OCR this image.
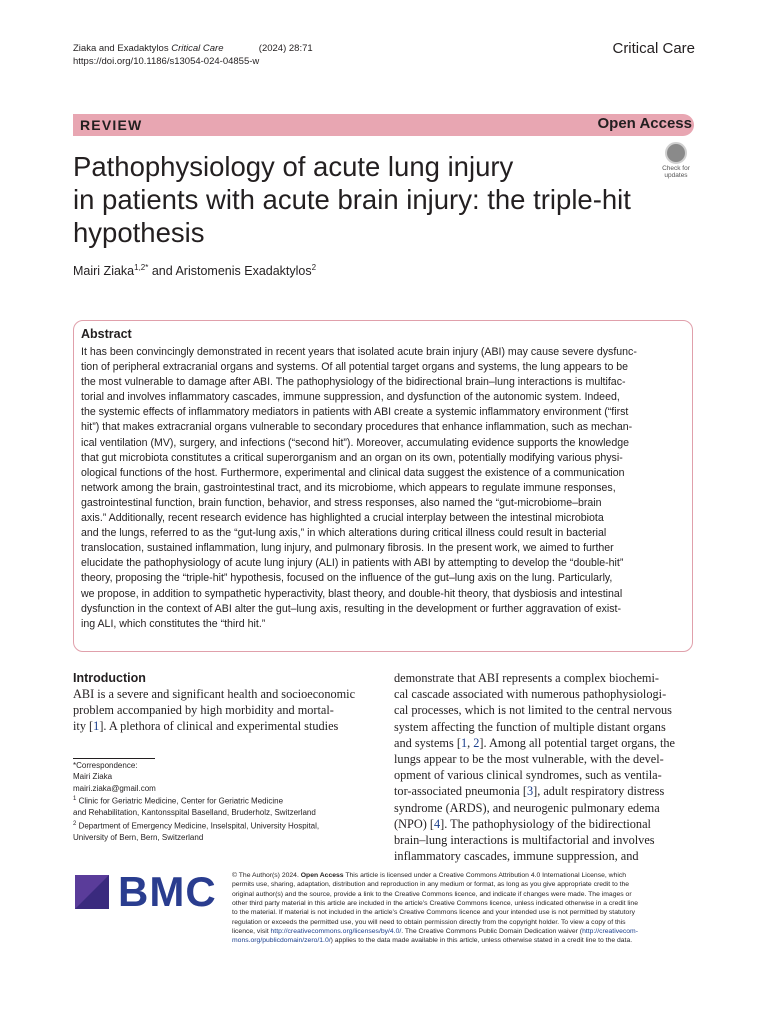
Ziaka and Exadaktylos Critical Care	(2024) 28:71
https://doi.org/10.1186/s13054-024-04855-w
Critical Care
REVIEW	Open Access
Pathophysiology of acute lung injury
in patients with acute brain injury: the triple-hit
hypothesis
Check for
updates
Mairi Ziaka$^{1,2*}$ and Aristomenis Exadaktylos$^2$
Abstract
It has been convincingly demonstrated in recent years that isolated acute brain injury (ABI) may cause severe dysfunc-
tion of peripheral extracranial organs and systems. Of all potential target organs and systems, the lung appears to be
the most vulnerable to damage after ABI. The pathophysiology of the bidirectional brain–lung interactions is multifac-
torial and involves inflammatory cascades, immune suppression, and dysfunction of the autonomic system. Indeed,
the systemic effects of inflammatory mediators in patients with ABI create a systemic inflammatory environment (“first
hit”) that makes extracranial organs vulnerable to secondary procedures that enhance inflammation, such as mechan-
ical ventilation (MV), surgery, and infections (“second hit”). Moreover, accumulating evidence supports the knowledge
that gut microbiota constitutes a critical superorganism and an organ on its own, potentially modifying various physi-
ological functions of the host. Furthermore, experimental and clinical data suggest the existence of a communication
network among the brain, gastrointestinal tract, and its microbiome, which appears to regulate immune responses,
gastrointestinal function, brain function, behavior, and stress responses, also named the “gut-microbiome–brain
axis.” Additionally, recent research evidence has highlighted a crucial interplay between the intestinal microbiota
and the lungs, referred to as the “gut-lung axis,” in which alterations during critical illness could result in bacterial
translocation, sustained inflammation, lung injury, and pulmonary fibrosis. In the present work, we aimed to further
elucidate the pathophysiology of acute lung injury (ALI) in patients with ABI by attempting to develop the “double-hit”
theory, proposing the “triple-hit” hypothesis, focused on the influence of the gut–lung axis on the lung. Particularly,
we propose, in addition to sympathetic hyperactivity, blast theory, and double-hit theory, that dysbiosis and intestinal
dysfunction in the context of ABI alter the gut–lung axis, resulting in the development or further aggravation of exist-
ing ALI, which constitutes the “third hit.”
Introduction
ABI is a severe and significant health and socioeconomic
problem accompanied by high morbidity and mortal-
ity [1]. A plethora of clinical and experimental studies
demonstrate that ABI represents a complex biochemi-
cal cascade associated with numerous pathophysiologi-
cal processes, which is not limited to the central nervous
system affecting the function of multiple distant organs
and systems [1, 2]. Among all potential target organs, the
lungs appear to be the most vulnerable, with the devel-
opment of various clinical syndromes, such as ventila-
tor-associated pneumonia [3], adult respiratory distress
syndrome (ARDS), and neurogenic pulmonary edema
(NPO) [4]. The pathophysiology of the bidirectional
brain–lung interactions is multifactorial and involves
inflammatory cascades, immune suppression, and
*Correspondence:
Mairi Ziaka
mairi.ziaka@gmail.com
$^1$ Clinic for Geriatric Medicine, Center for Geriatric Medicine
and Rehabilitation, Kantonsspital Baselland, Bruderholz, Switzerland
$^2$ Department of Emergency Medicine, Inselspital, University Hospital,
University of Bern, Bern, Switzerland
BMC © The Author(s) 2024. Open Access This article is licensed under a Creative Commons Attribution 4.0 International License, which
permits use, sharing, adaptation, distribution and reproduction in any medium or format, as long as you give appropriate credit to the
original author(s) and the source, provide a link to the Creative Commons licence, and indicate if changes were made. The images or
other third party material in this article are included in the article’s Creative Commons licence, unless indicated otherwise in a credit line
to the material. If material is not included in the article’s Creative Commons licence and your intended use is not permitted by statutory
regulation or exceeds the permitted use, you will need to obtain permission directly from the copyright holder. To view a copy of this
licence, visit http://creativecommons.org/licenses/by/4.0/. The Creative Commons Public Domain Dedication waiver (http://creativecom-
mons.org/publicdomain/zero/1.0/) applies to the data made available in this article, unless otherwise stated in a credit line to the data.
